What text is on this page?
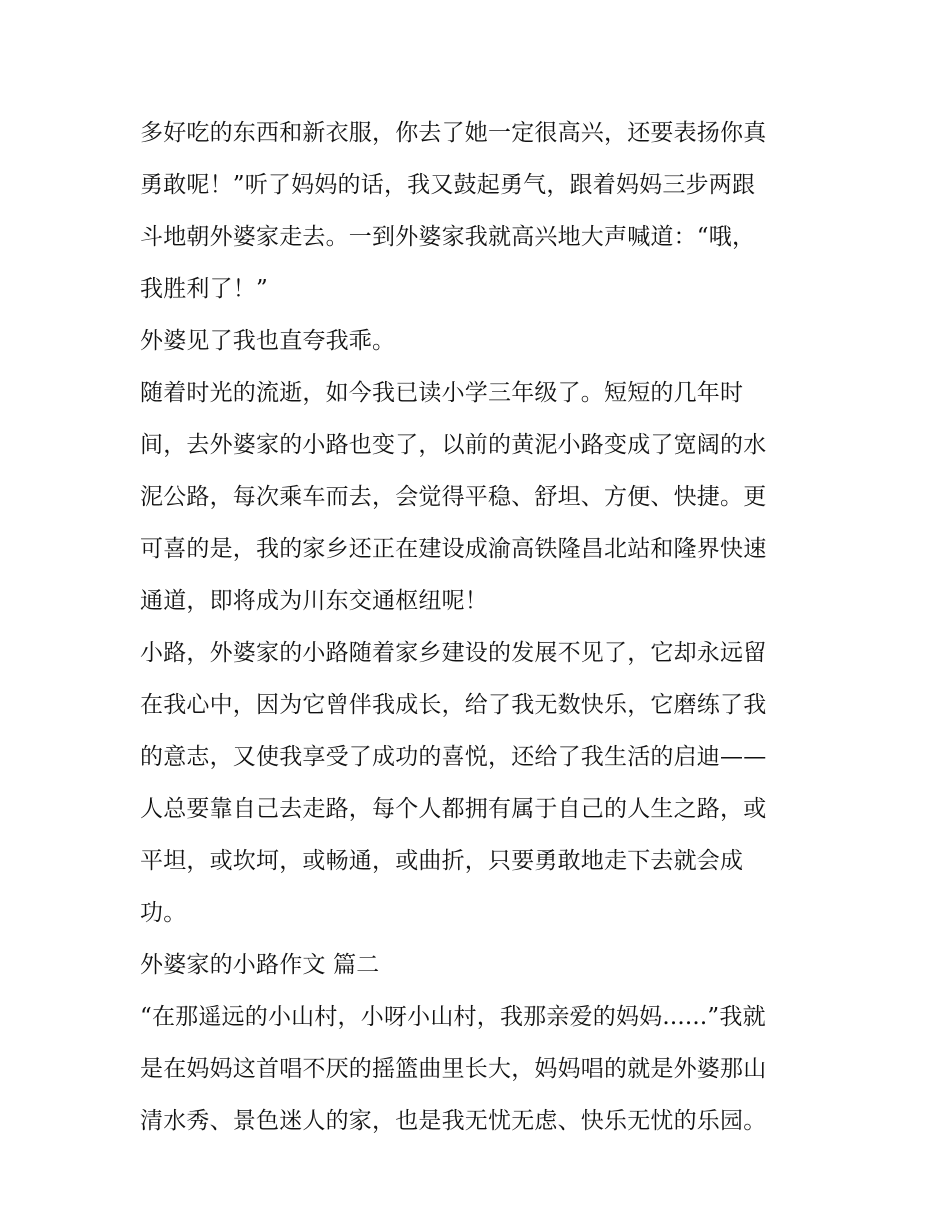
多好吃的东西和新衣服，你去了她一定很高兴，还要表扬你真
勇敢呢！”听了妈妈的话，我又鼓起勇气，跟着妈妈三步两跟
斗地朝外婆家走去。一到外婆家我就高兴地大声喊道：“哦，
我胜利了！”
外婆见了我也直夸我乖。
随着时光的流逝，如今我已读小学三年级了。短短的几年时
间，去外婆家的小路也变了，以前的黄泥小路变成了宽阔的水
泥公路，每次乘车而去，会觉得平稳、舒坦、方便、快捷。更
可喜的是，我的家乡还正在建设成渝高铁隆昌北站和隆界快速
通道，即将成为川东交通枢纽呢！
小路，外婆家的小路随着家乡建设的发展不见了，它却永远留
在我心中，因为它曾伴我成长，给了我无数快乐，它磨练了我
的意志，又使我享受了成功的喜悦，还给了我生活的启迪——
人总要靠自己去走路，每个人都拥有属于自己的人生之路，或
平坦，或坎坷，或畅通，或曲折，只要勇敢地走下去就会成
功。
外婆家的小路作文 篇二
“在那遥远的小山村，小呀小山村，我那亲爱的妈妈......”我就
是在妈妈这首唱不厌的摇篮曲里长大，妈妈唱的就是外婆那山
清水秀、景色迷人的家，也是我无忧无虑、快乐无忧的乐园。
